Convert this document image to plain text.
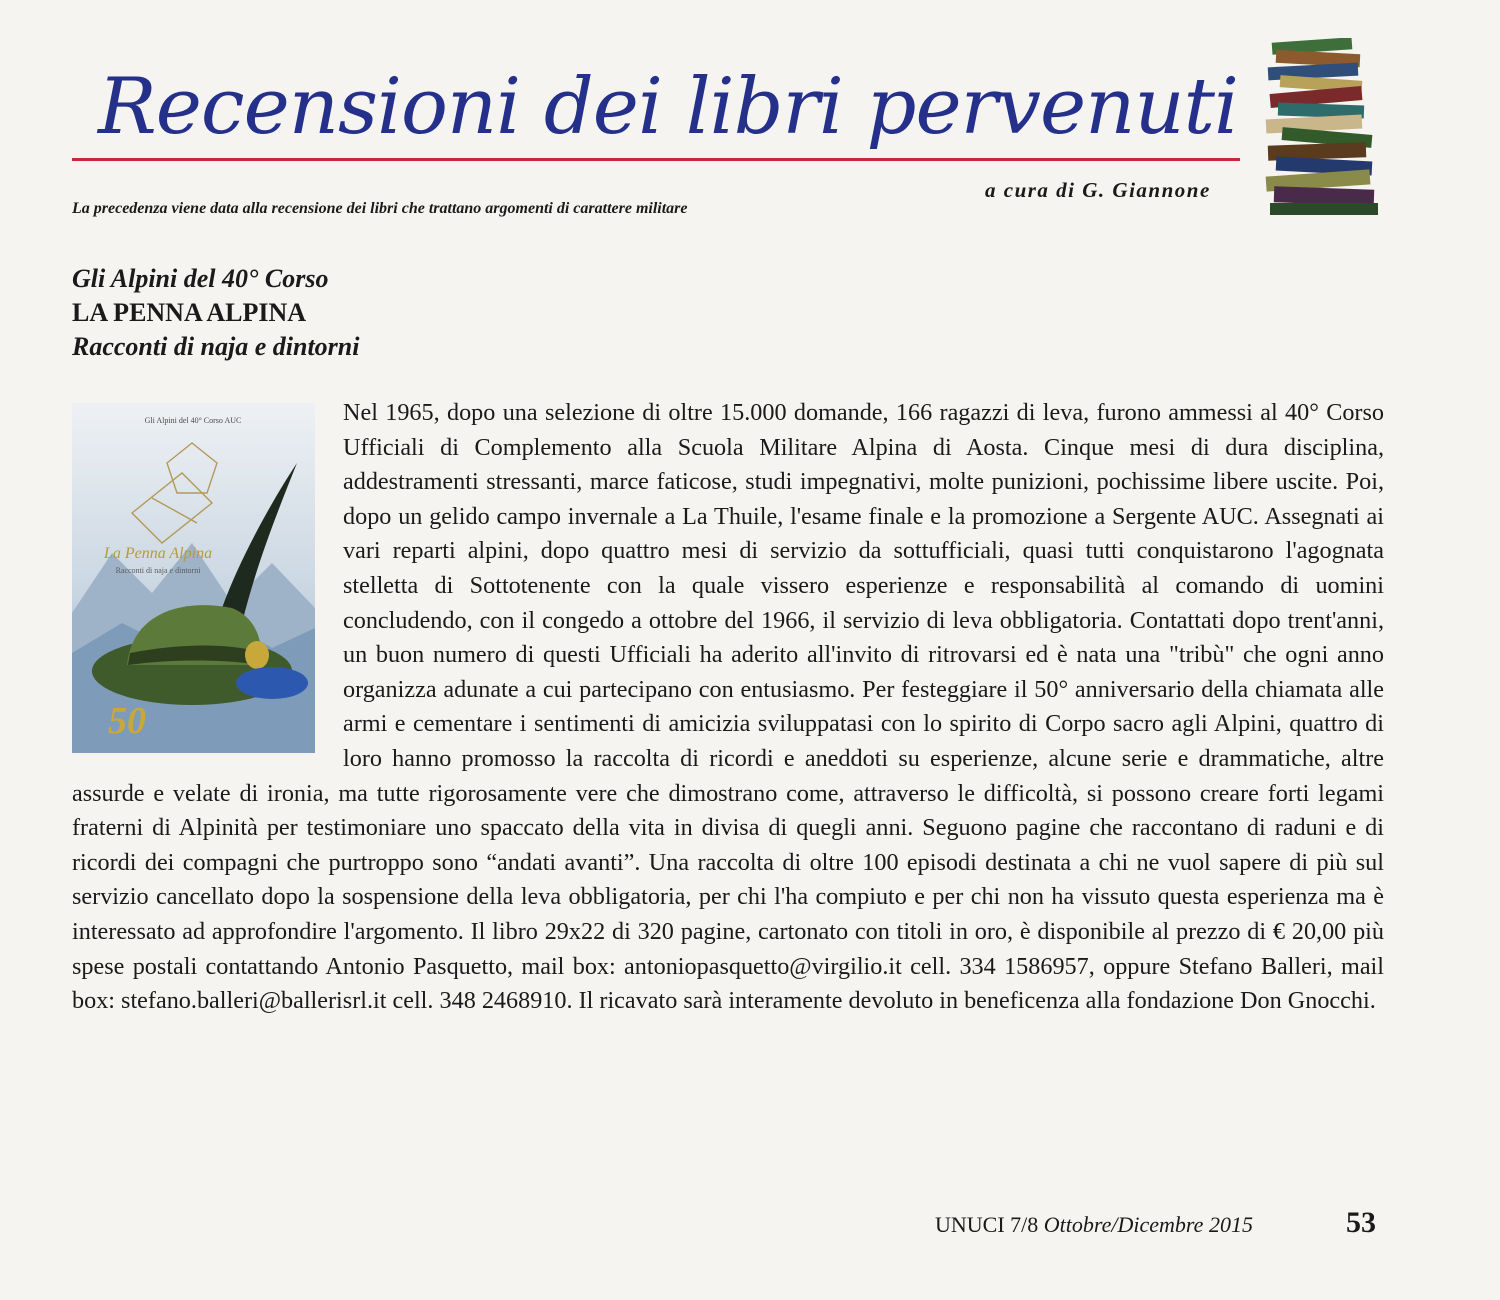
Recensioni dei libri pervenuti
a cura di G. Giannone
La precedenza viene data alla recensione dei libri che trattano argomenti di carattere militare
Gli Alpini del 40° Corso
LA PENNA ALPINA
Racconti di naja e dintorni
Gli Alpini del 40° Corso AUC
La Penna Alpina
Racconti di naja e dintorni
50
Nel 1965, dopo una selezione di oltre 15.000 domande, 166 ragazzi di leva, furono ammessi al 40° Corso Ufficiali di Complemento alla Scuola Militare Alpina di Aosta. Cinque mesi di dura disciplina, addestramenti stressanti, marce faticose, studi impegnativi, molte punizioni, pochissime libere uscite. Poi, dopo un gelido campo invernale a La Thuile, l'esame finale e la promozione a Sergente AUC. Assegnati ai vari reparti alpini, dopo quattro mesi di servizio da sottufficiali, quasi tutti conquistarono l'agognata stelletta di Sottotenente con la quale vissero esperienze e responsabilità al comando di uomini concludendo, con il congedo a ottobre del 1966, il servizio di leva obbligatoria. Contattati dopo trent'anni, un buon numero di questi Ufficiali ha aderito all'invito di ritrovarsi ed è nata una "tribù" che ogni anno organizza adunate a cui partecipano con entusiasmo. Per festeggiare il 50° anniversario della chiamata alle armi e cementare i sentimenti di amicizia sviluppatasi con lo spirito di Corpo sacro agli Alpini, quattro di loro hanno promosso la raccolta di ricordi e aneddoti su esperienze, alcune serie e drammatiche, altre assurde e velate di ironia, ma tutte rigorosamente vere che dimostrano come, attraverso le difficoltà, si possono creare forti legami fraterni di Alpinità per testimoniare uno spaccato della vita in divisa di quegli anni. Seguono pagine che raccontano di raduni e di ricordi dei compagni che purtroppo sono “andati avanti”. Una raccolta di oltre 100 episodi destinata a chi ne vuol sapere di più sul servizio cancellato dopo la sospensione della leva obbligatoria, per chi l'ha compiuto e per chi non ha vissuto questa esperienza ma è interessato ad approfondire l'argomento. Il libro 29x22 di 320 pagine, cartonato con titoli in oro, è disponibile al prezzo di € 20,00 più spese postali contattando Antonio Pasquetto, mail box: antoniopasquetto@virgilio.it cell. 334 1586957, oppure Stefano Balleri, mail box: stefano.balleri@ballerisrl.it cell. 348 2468910. Il ricavato sarà interamente devoluto in beneficenza alla fondazione Don Gnocchi.
UNUCI 7/8 Ottobre/Dicembre 2015	53
